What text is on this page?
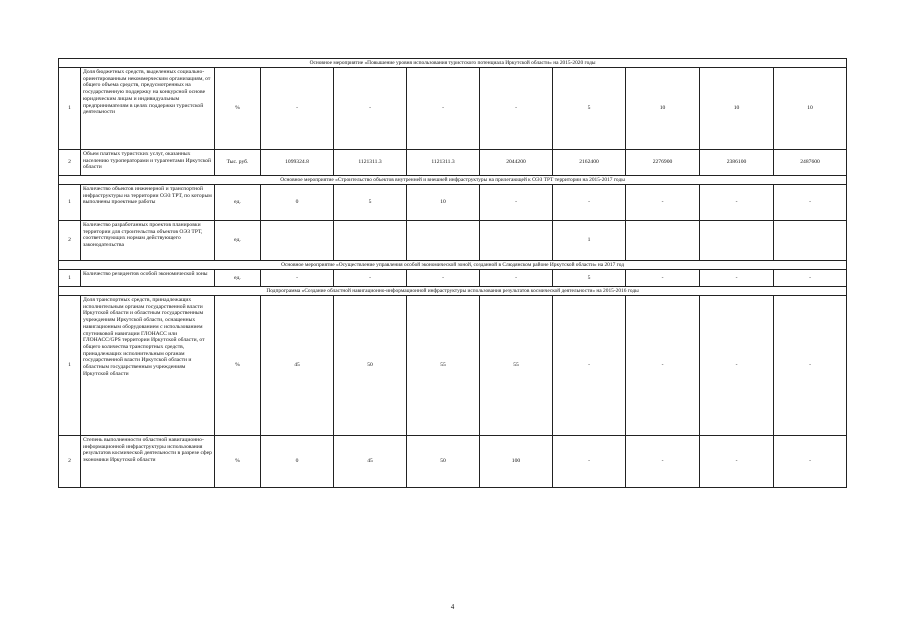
Основное мероприятие «Повышение уровня использования туристского потенциала Иркутской области» на 2015-2020 годы										
1	Доля бюджетных средств, выделенных социально-ориентированным некоммерческим организациям, от общего объема средств, предусмотренных на государственную поддержку на конкурсной основе юридическим лицам и индивидуальным предпринимателям в целях поддержки туристской деятельности	%	-	-	-	-	5	10	10	10
2	Объем платных туристских услуг, оказанных населению туроператорами и турагентами Иркутской области	Тыс. руб.	1099324.8	1121311.3	1121311.3	2044200	2162400	2276900	2386100	2487600
Основное мероприятие «Строительство объектов внутренней и внешней инфраструктуры на прилегающей к ОЭЗ ТРТ территории на 2015-2017 годы										
1	Количество объектов инженерной и транспортной инфраструктуры на территории ОЭЗ ТРТ, по которым выполнены проектные работы	ед.	0	5	10	-	-	-	-	-
2	Количество разработанных проектов планировки территории для строительства объектов ОЭЗ ТРТ, соответствующих нормам действующего законодательства	ед.					1			
Основное мероприятие «Осуществление управления особой экономической зоной, созданной в Слюдянском районе Иркутской области» на 2017 год										
1	Количество резидентов особой экономической зоны	ед.	-	-	-	-	5	-	-	-
Подпрограмма «Создание областной навигационно-информационной инфраструктуры использования результатов космической деятельности» на 2015-2016 годы										
1	Доля транспортных средств, принадлежащих исполнительным органам государственной власти Иркутской области и областным государственным учреждениям Иркутской области, оснащенных навигационным оборудованием с использованием спутниковой навигации ГЛОНАСС или ГЛОНАСС/GPS территории Иркутской области, от общего количества транспортных средств, принадлежащих исполнительным органам государственной власти Иркутской области и областным государственным учреждениям Иркутской области	%	45	50	55	55	-	-	-	-
2	Степень выполненности областной навигационно-информационной инфраструктуры использования результатов космической деятельности в разрезе сфер экономики Иркутской области	%	0	45	50	100	-	-	-	-
4
